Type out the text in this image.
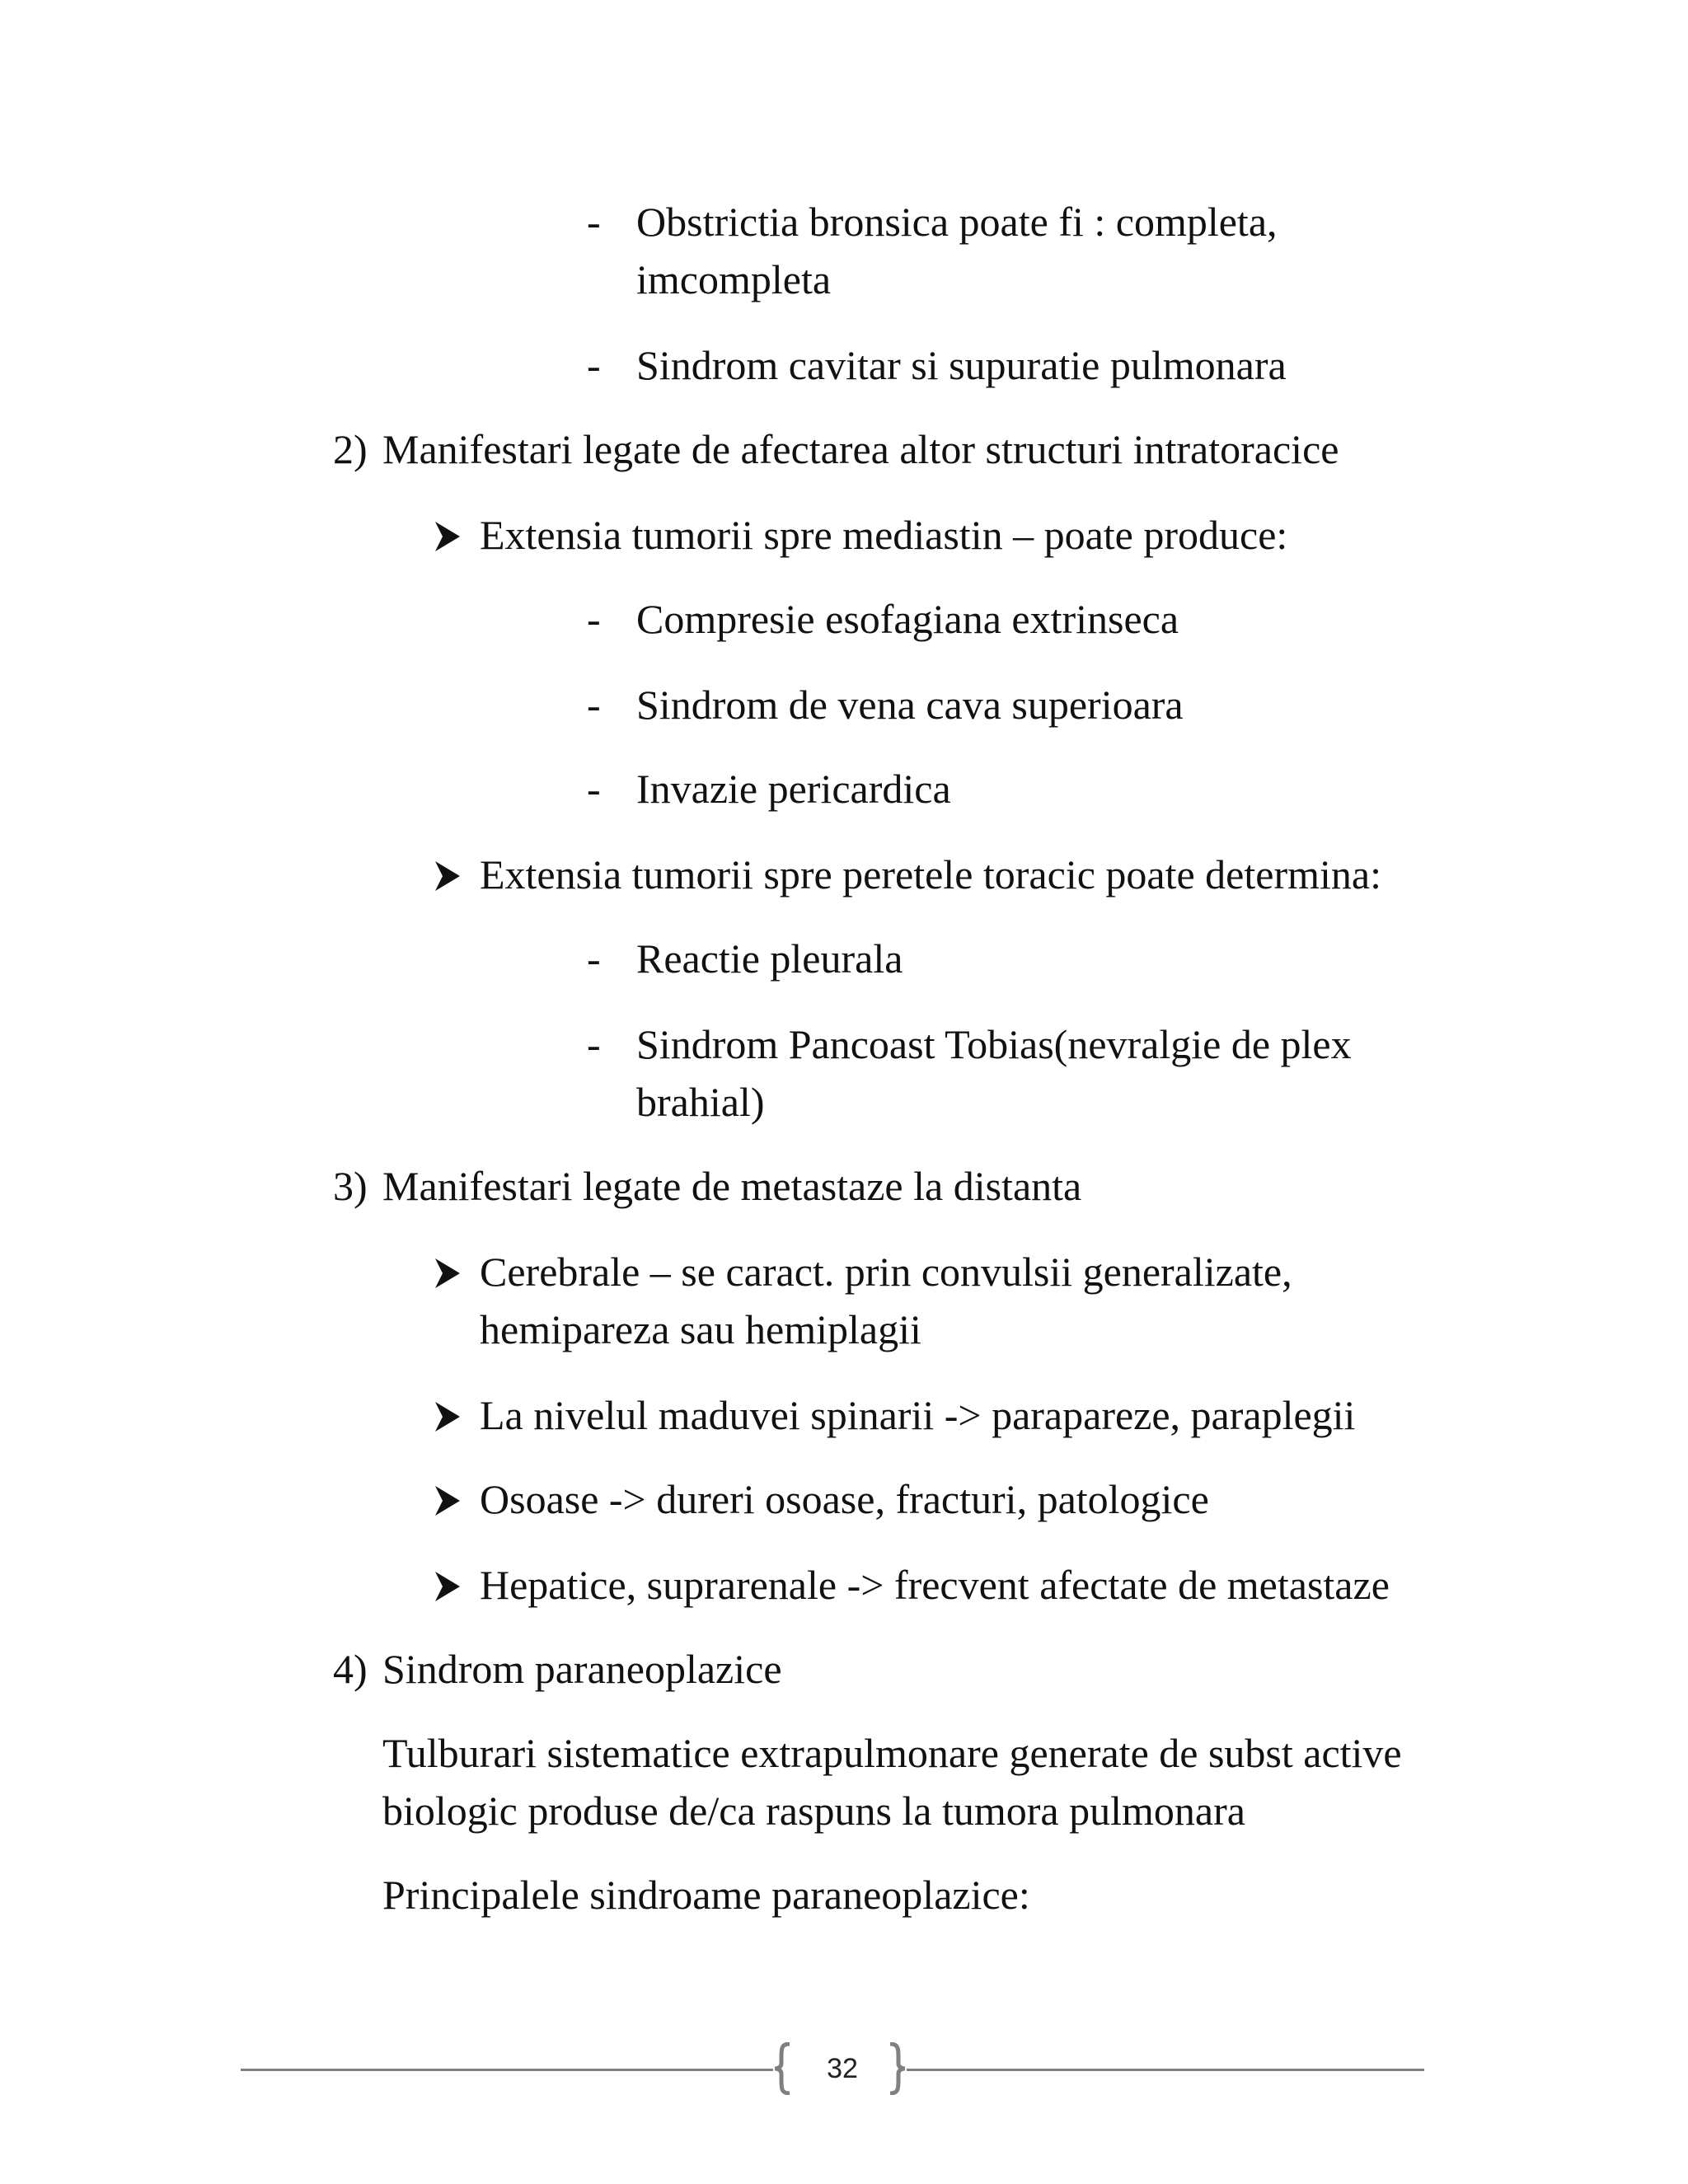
- Obstrictia bronsica poate fi : completa,
imcompleta
- Sindrom cavitar si supuratie pulmonara
2) Manifestari legate de afectarea altor structuri intratoracice
Extensia tumorii spre mediastin – poate produce:
- Compresie esofagiana extrinseca
- Sindrom de vena cava superioara
- Invazie pericardica
Extensia tumorii spre peretele toracic poate determina:
- Reactie pleurala
- Sindrom Pancoast Tobias(nevralgie de plex
brahial)
3) Manifestari legate de metastaze la distanta
Cerebrale – se caract. prin convulsii generalizate,
hemipareza sau hemiplagii
La nivelul maduvei spinarii -> parapareze, paraplegii
Osoase -> dureri osoase, fracturi, patologice
Hepatice, suprarenale -> frecvent afectate de metastaze
4) Sindrom paraneoplazice
Tulburari sistematice extrapulmonare generate de subst active
biologic produse de/ca raspuns la tumora pulmonara
Principalele sindroame paraneoplazice:
32
